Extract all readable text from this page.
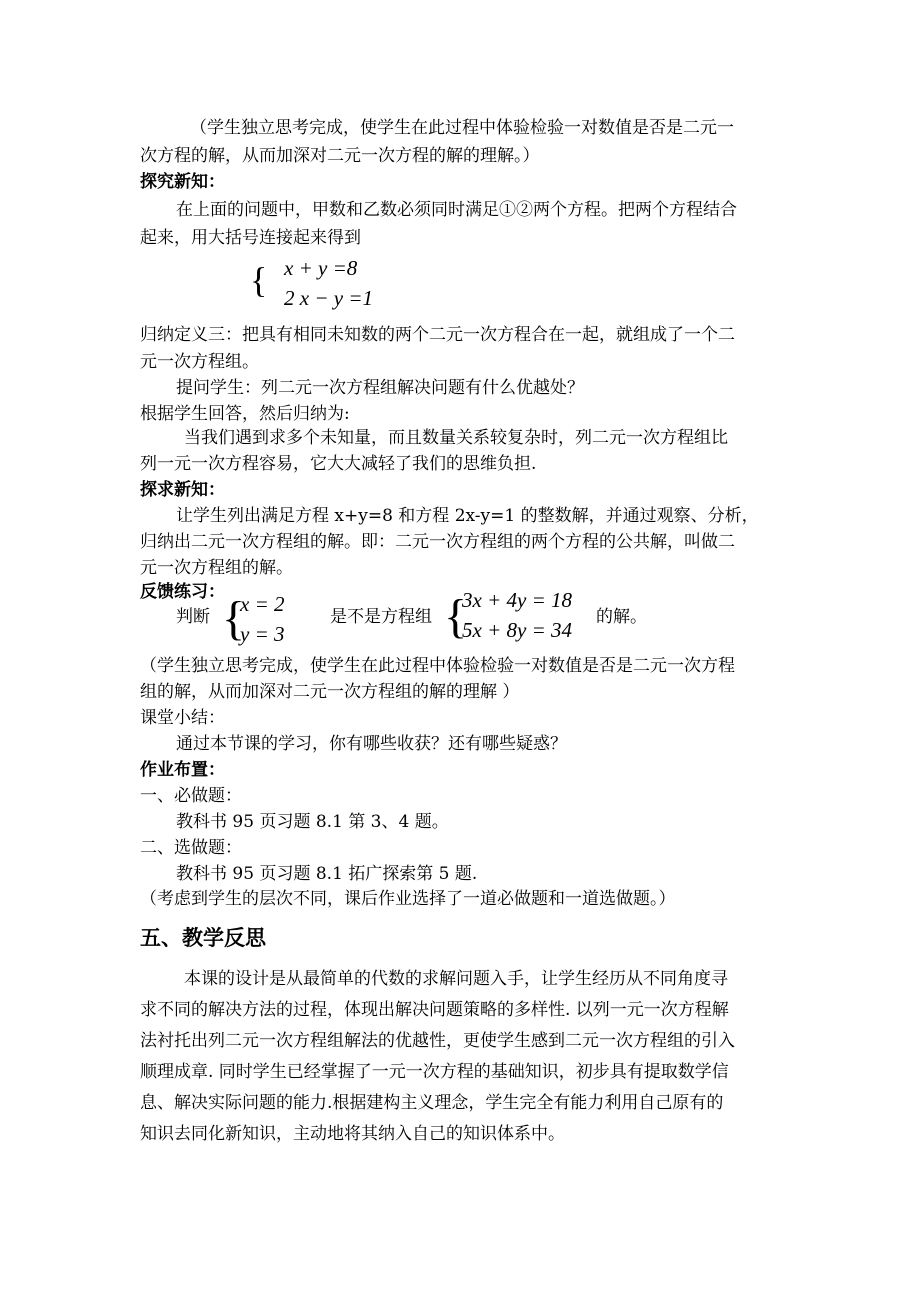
（学生独立思考完成，使学生在此过程中体验检验一对数值是否是二元一
次方程的解，从而加深对二元一次方程的解的理解。）
探究新知：
在上面的问题中，甲数和乙数必须同时满足①②两个方程。把两个方程结合
起来，用大括号连接起来得到
{ x + y =8
2 x − y =1
归纳定义三：把具有相同未知数的两个二元一次方程合在一起，就组成了一个二
元一次方程组。
提问学生：列二元一次方程组解决问题有什么优越处？
根据学生回答，然后归纳为:
当我们遇到求多个未知量，而且数量关系较复杂时，列二元一次方程组比
列一元一次方程容易，它大大减轻了我们的思维负担.
探求新知：
让学生列出满足方程 x+y=8 和方程 2x-y=1 的整数解，并通过观察、分析，
归纳出二元一次方程组的解。即：二元一次方程组的两个方程的公共解，叫做二
元一次方程组的解。
反馈练习：
判断 {
x = 2
y = 3
是不是方程组 {
3x + 4y = 18
5x + 8y = 34
的解。
（学生独立思考完成，使学生在此过程中体验检验一对数值是否是二元一次方程
组的解，从而加深对二元一次方程组的解的理解 ）
课堂小结：
通过本节课的学习，你有哪些收获？还有哪些疑惑？
作业布置：
一、必做题：
教科书 95 页习题 8.1 第 3、4 题。
二、选做题：
教科书 95 页习题 8.1 拓广探索第 5 题.
（考虑到学生的层次不同，课后作业选择了一道必做题和一道选做题。）
五、教学反思
本课的设计是从最简单的代数的求解问题入手，让学生经历从不同角度寻
求不同的解决方法的过程，体现出解决问题策略的多样性. 以列一元一次方程解
法衬托出列二元一次方程组解法的优越性，更使学生感到二元一次方程组的引入
顺理成章. 同时学生已经掌握了一元一次方程的基础知识，初步具有提取数学信
息、解决实际问题的能力.根据建构主义理念，学生完全有能力利用自己原有的
知识去同化新知识，主动地将其纳入自己的知识体系中。
